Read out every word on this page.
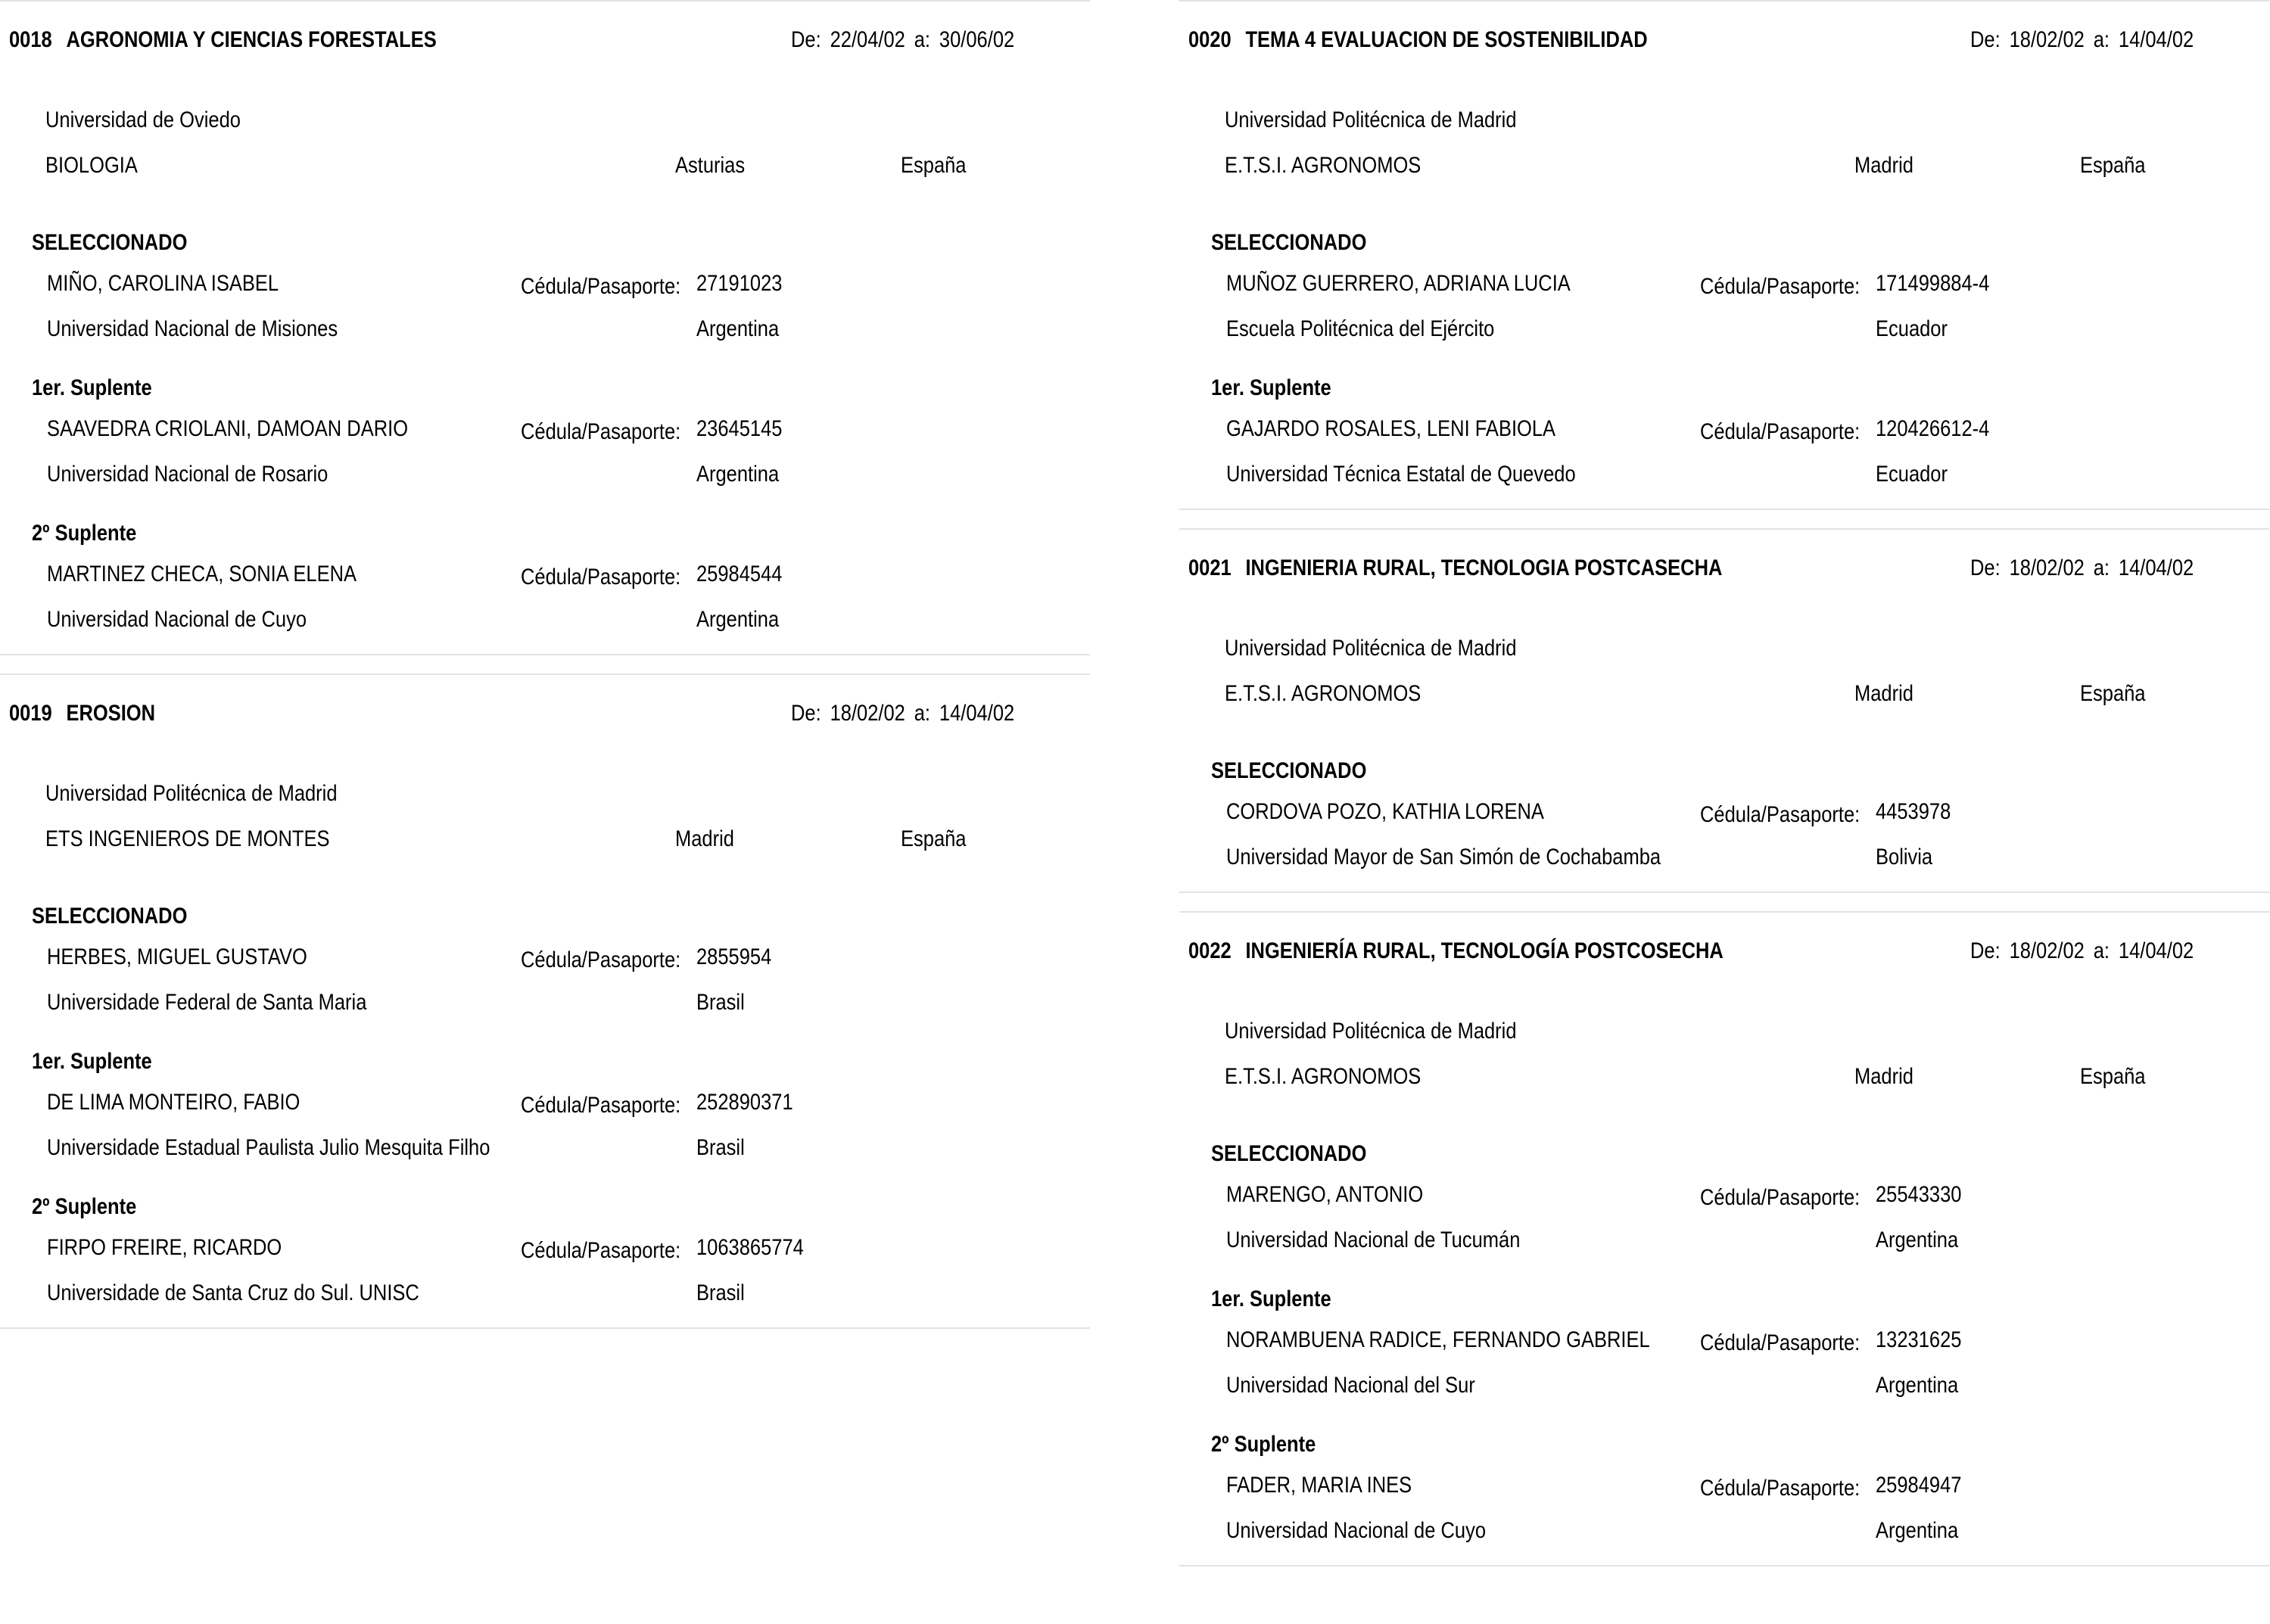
0018 AGRONOMIA Y CIENCIAS FORESTALES	De: 22/04/02 a: 30/06/02
Universidad de Oviedo
BIOLOGIA	Asturias	España
SELECCIONADO
MIÑO, CAROLINA ISABEL	Cédula/Pasaporte: 27191023
Universidad Nacional de Misiones	Argentina
1er. Suplente
SAAVEDRA CRIOLANI, DAMOAN DARIO	Cédula/Pasaporte: 23645145
Universidad Nacional de Rosario	Argentina
2º Suplente
MARTINEZ CHECA, SONIA ELENA	Cédula/Pasaporte: 25984544
Universidad Nacional de Cuyo	Argentina
0019 EROSION	De: 18/02/02 a: 14/04/02
Universidad Politécnica de Madrid
ETS INGENIEROS DE MONTES	Madrid	España
SELECCIONADO
HERBES, MIGUEL GUSTAVO	Cédula/Pasaporte: 2855954
Universidade Federal de Santa Maria	Brasil
1er. Suplente
DE LIMA MONTEIRO, FABIO	Cédula/Pasaporte: 252890371
Universidade Estadual Paulista Julio Mesquita Filho	Brasil
2º Suplente
FIRPO FREIRE, RICARDO	Cédula/Pasaporte: 1063865774
Universidade de Santa Cruz do Sul. UNISC	Brasil
0020 TEMA 4 EVALUACION DE SOSTENIBILIDAD	De: 18/02/02 a: 14/04/02
Universidad Politécnica de Madrid
E.T.S.I. AGRONOMOS	Madrid	España
SELECCIONADO
MUÑOZ GUERRERO, ADRIANA LUCIA	Cédula/Pasaporte: 171499884-4
Escuela Politécnica del Ejército	Ecuador
1er. Suplente
GAJARDO ROSALES, LENI FABIOLA	Cédula/Pasaporte: 120426612-4
Universidad Técnica Estatal de Quevedo	Ecuador
0021 INGENIERIA RURAL, TECNOLOGIA POSTCASECHA	De: 18/02/02 a: 14/04/02
Universidad Politécnica de Madrid
E.T.S.I. AGRONOMOS	Madrid	España
SELECCIONADO
CORDOVA POZO, KATHIA LORENA	Cédula/Pasaporte: 4453978
Universidad Mayor de San Simón de Cochabamba	Bolivia
0022 INGENIERÍA RURAL, TECNOLOGÍA POSTCOSECHA	De: 18/02/02 a: 14/04/02
Universidad Politécnica de Madrid
E.T.S.I. AGRONOMOS	Madrid	España
SELECCIONADO
MARENGO, ANTONIO	Cédula/Pasaporte: 25543330
Universidad Nacional de Tucumán	Argentina
1er. Suplente
NORAMBUENA RADICE, FERNANDO GABRIEL Cédula/Pasaporte: 13231625
Universidad Nacional del Sur	Argentina
2º Suplente
FADER, MARIA INES	Cédula/Pasaporte: 25984947
Universidad Nacional de Cuyo	Argentina
